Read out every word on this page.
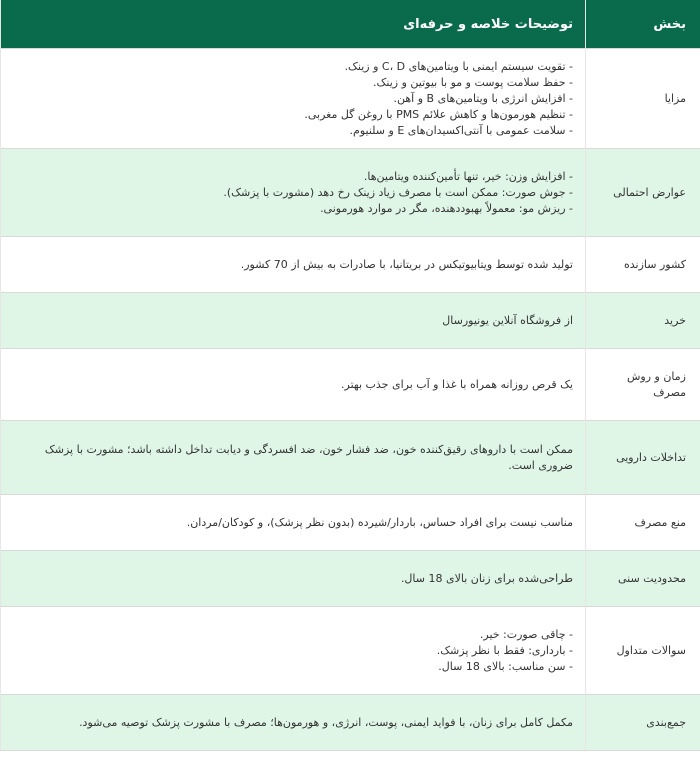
بخش	توضیحات خلاصه و حرفه‌ای
مزایا	- تقویت سیستم ایمنی با ویتامین‌های C، D و زینک.
- حفظ سلامت پوست و مو با بیوتین و زینک.
- افزایش انرژی با ویتامین‌های B و آهن.
- تنظیم هورمون‌ها و کاهش علائم PMS با روغن گل مغربی.
- سلامت عمومی با آنتی‌اکسیدان‌های E و سلنیوم.

عوارض احتمالی	- افزایش وزن: خیر، تنها تأمین‌کننده ویتامین‌ها.
- جوش صورت: ممکن است با مصرف زیاد زینک رخ دهد (مشورت با پزشک).
- ریزش مو: معمولاً بهبوددهنده، مگر در موارد هورمونی.

کشور سازنده	تولید شده توسط ویتابیوتیکس در بریتانیا، با صادرات به بیش از 70 کشور.

خرید	از فروشگاه آنلاین یونیورسال

زمان و روش مصرف	یک قرص روزانه همراه با غذا و آب برای جذب بهتر.

تداخلات دارویی	ممکن است با داروهای رقیق‌کننده خون، ضد فشار خون، ضد افسردگی و دیابت تداخل داشته باشد؛ مشورت با پزشک ضروری است.

منع مصرف	مناسب نیست برای افراد حساس، باردار/شیرده (بدون نظر پزشک)، و کودکان/مردان.

محدودیت سنی	طراحی‌شده برای زنان بالای 18 سال.

سوالات متداول	- چاقی صورت: خیر.
- بارداری: فقط با نظر پزشک.
- سن مناسب: بالای 18 سال.

جمع‌بندی	مکمل کامل برای زنان، با فواید ایمنی، پوست، انرژی، و هورمون‌ها؛ مصرف با مشورت پزشک توصیه می‌شود.
